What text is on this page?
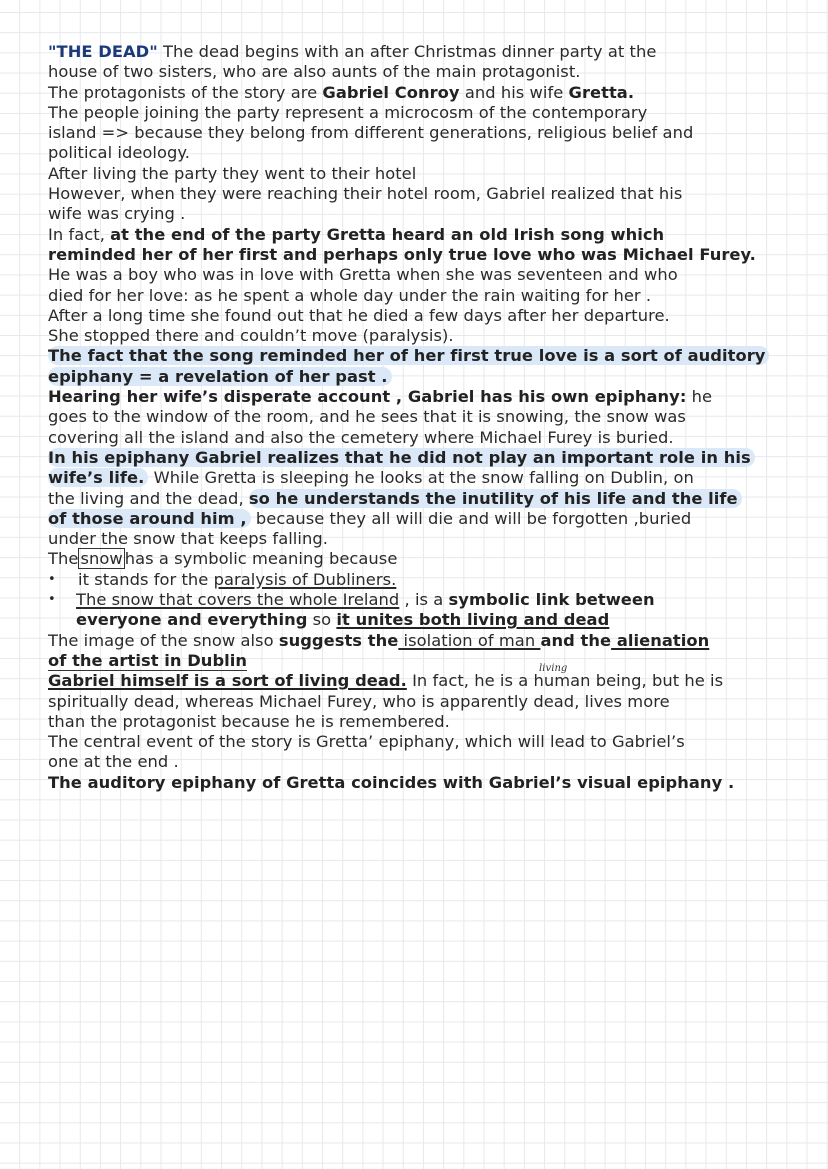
"THE DEAD" The dead begins with an after Christmas dinner party at the
house of two sisters, who are also aunts of the main protagonist.
The protagonists of the story are Gabriel Conroy and his wife Gretta.
The people joining the party represent a microcosm of the contemporary
island => because they belong from different generations, religious belief and
political ideology.
After living the party they went to their hotel
However, when they were reaching their hotel room, Gabriel realized that his
wife was crying .
In fact, at the end of the party Gretta heard an old Irish song which
reminded her of her first and perhaps only true love who was Michael Furey.
He was a boy who was in love with Gretta when she was seventeen and who
died for her love: as he spent a whole day under the rain waiting for her .
After a long time she found out that he died a few days after her departure.
She stopped there and couldn’t move (paralysis).
The fact that the song reminded her of her first true love is a sort of auditory
epiphany = a revelation of her past .
Hearing her wife’s disperate account , Gabriel has his own epiphany: he
goes to the window of the room, and he sees that it is snowing, the snow was
covering all the island and also the cemetery where Michael Furey is buried.
In his epiphany Gabriel realizes that he did not play an important role in his
wife’s life. While Gretta is sleeping he looks at the snow falling on Dublin, on
the living and the dead, so he understands the inutility of his life and the life
of those around him , because they all will die and will be forgotten ,buried
under the snow that keeps falling.
The snow has a symbolic meaning because
• it stands for the paralysis of Dubliners.
• The snow that covers the whole Ireland , is a symbolic link between
everyone and everything so it unites both living and dead
The image of the snow also suggests the isolation of man and the alienation
of the artist in Dublin
Gabriel himself is a sort of living dead. In fact, he is a human being, but he is
living
spiritually dead, whereas Michael Furey, who is apparently dead, lives more
than the protagonist because he is remembered.
The central event of the story is Gretta’ epiphany, which will lead to Gabriel’s
one at the end .
The auditory epiphany of Gretta coincides with Gabriel’s visual epiphany .
